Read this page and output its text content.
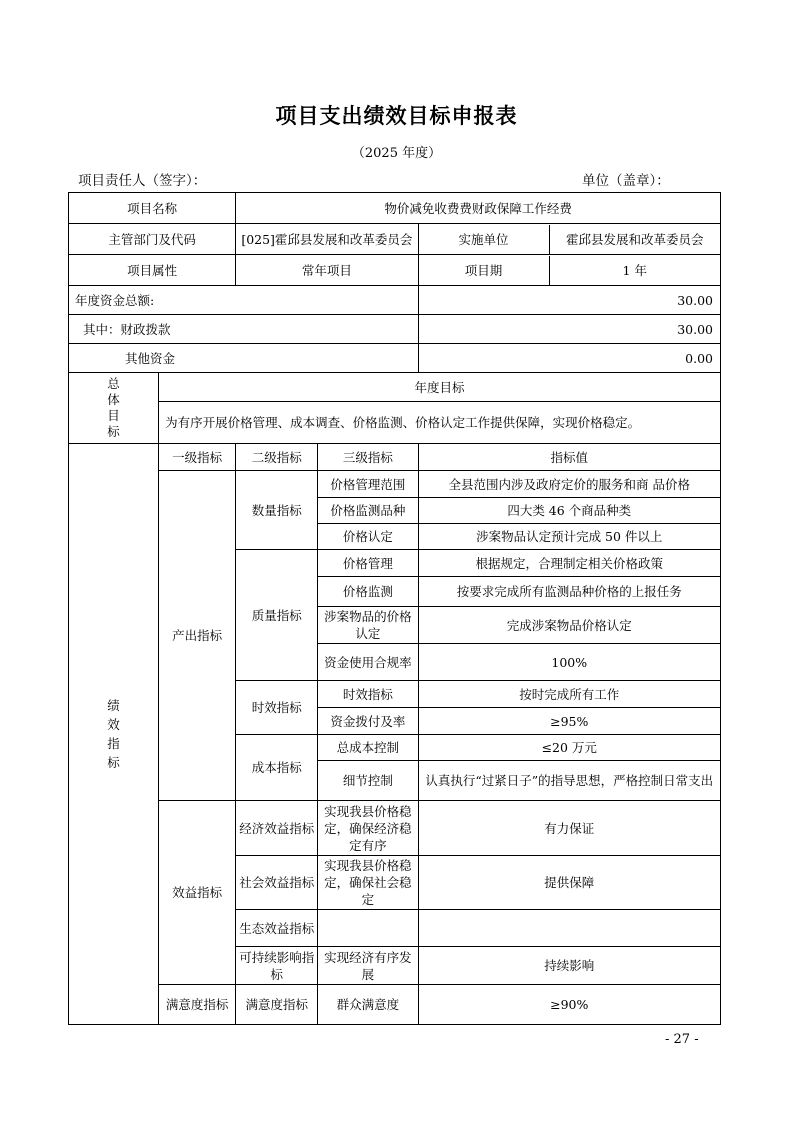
项目支出绩效目标申报表
（2025 年度）
项目责任人（签字）：	单位（盖章）：
项目名称		物价减免收费费财政保障工作经费		
主管部门及代码		[025]霍邱县发展和改革委员会		实施单位 霍邱县发展和改革委员会

项目属性		常年项目		项目期 1 年

年度资金总额:				30.00
其中：财政拨款				30.00
其他资金				0.00
总
体
目
标	年度目标			
	为有序开展价格管理、成本调查、价格监测、价格认定工作提供保障，实现价格稳定。			
绩
效
指
标	一级指标	二级指标	三级指标	指标值
	产出指标	数量指标	价格管理范围	全县范围内涉及政府定价的服务和商 品价格
			价格监测品种	四大类 46 个商品种类
			价格认定	涉案物品认定预计完成 50 件以上
		质量指标	价格管理	根据规定，合理制定相关价格政策
			价格监测	按要求完成所有监测品种价格的上报任务
			涉案物品的价格认定	完成涉案物品价格认定
			资金使用合规率	100%
		时效指标	时效指标	按时完成所有工作
			资金拨付及率	≥95%
		成本指标	总成本控制	≤20 万元
			细节控制	认真执行“过紧日子”的指导思想，严格控制日常支出
	效益指标	经济效益指标	实现我县价格稳定，确保经济稳定有序	有力保证
		社会效益指标	实现我县价格稳定，确保社会稳定	提供保障
		生态效益指标		
		可持续影响指标	实现经济有序发展	持续影响
	满意度指标	满意度指标	群众满意度	≥90%
- 27 -
